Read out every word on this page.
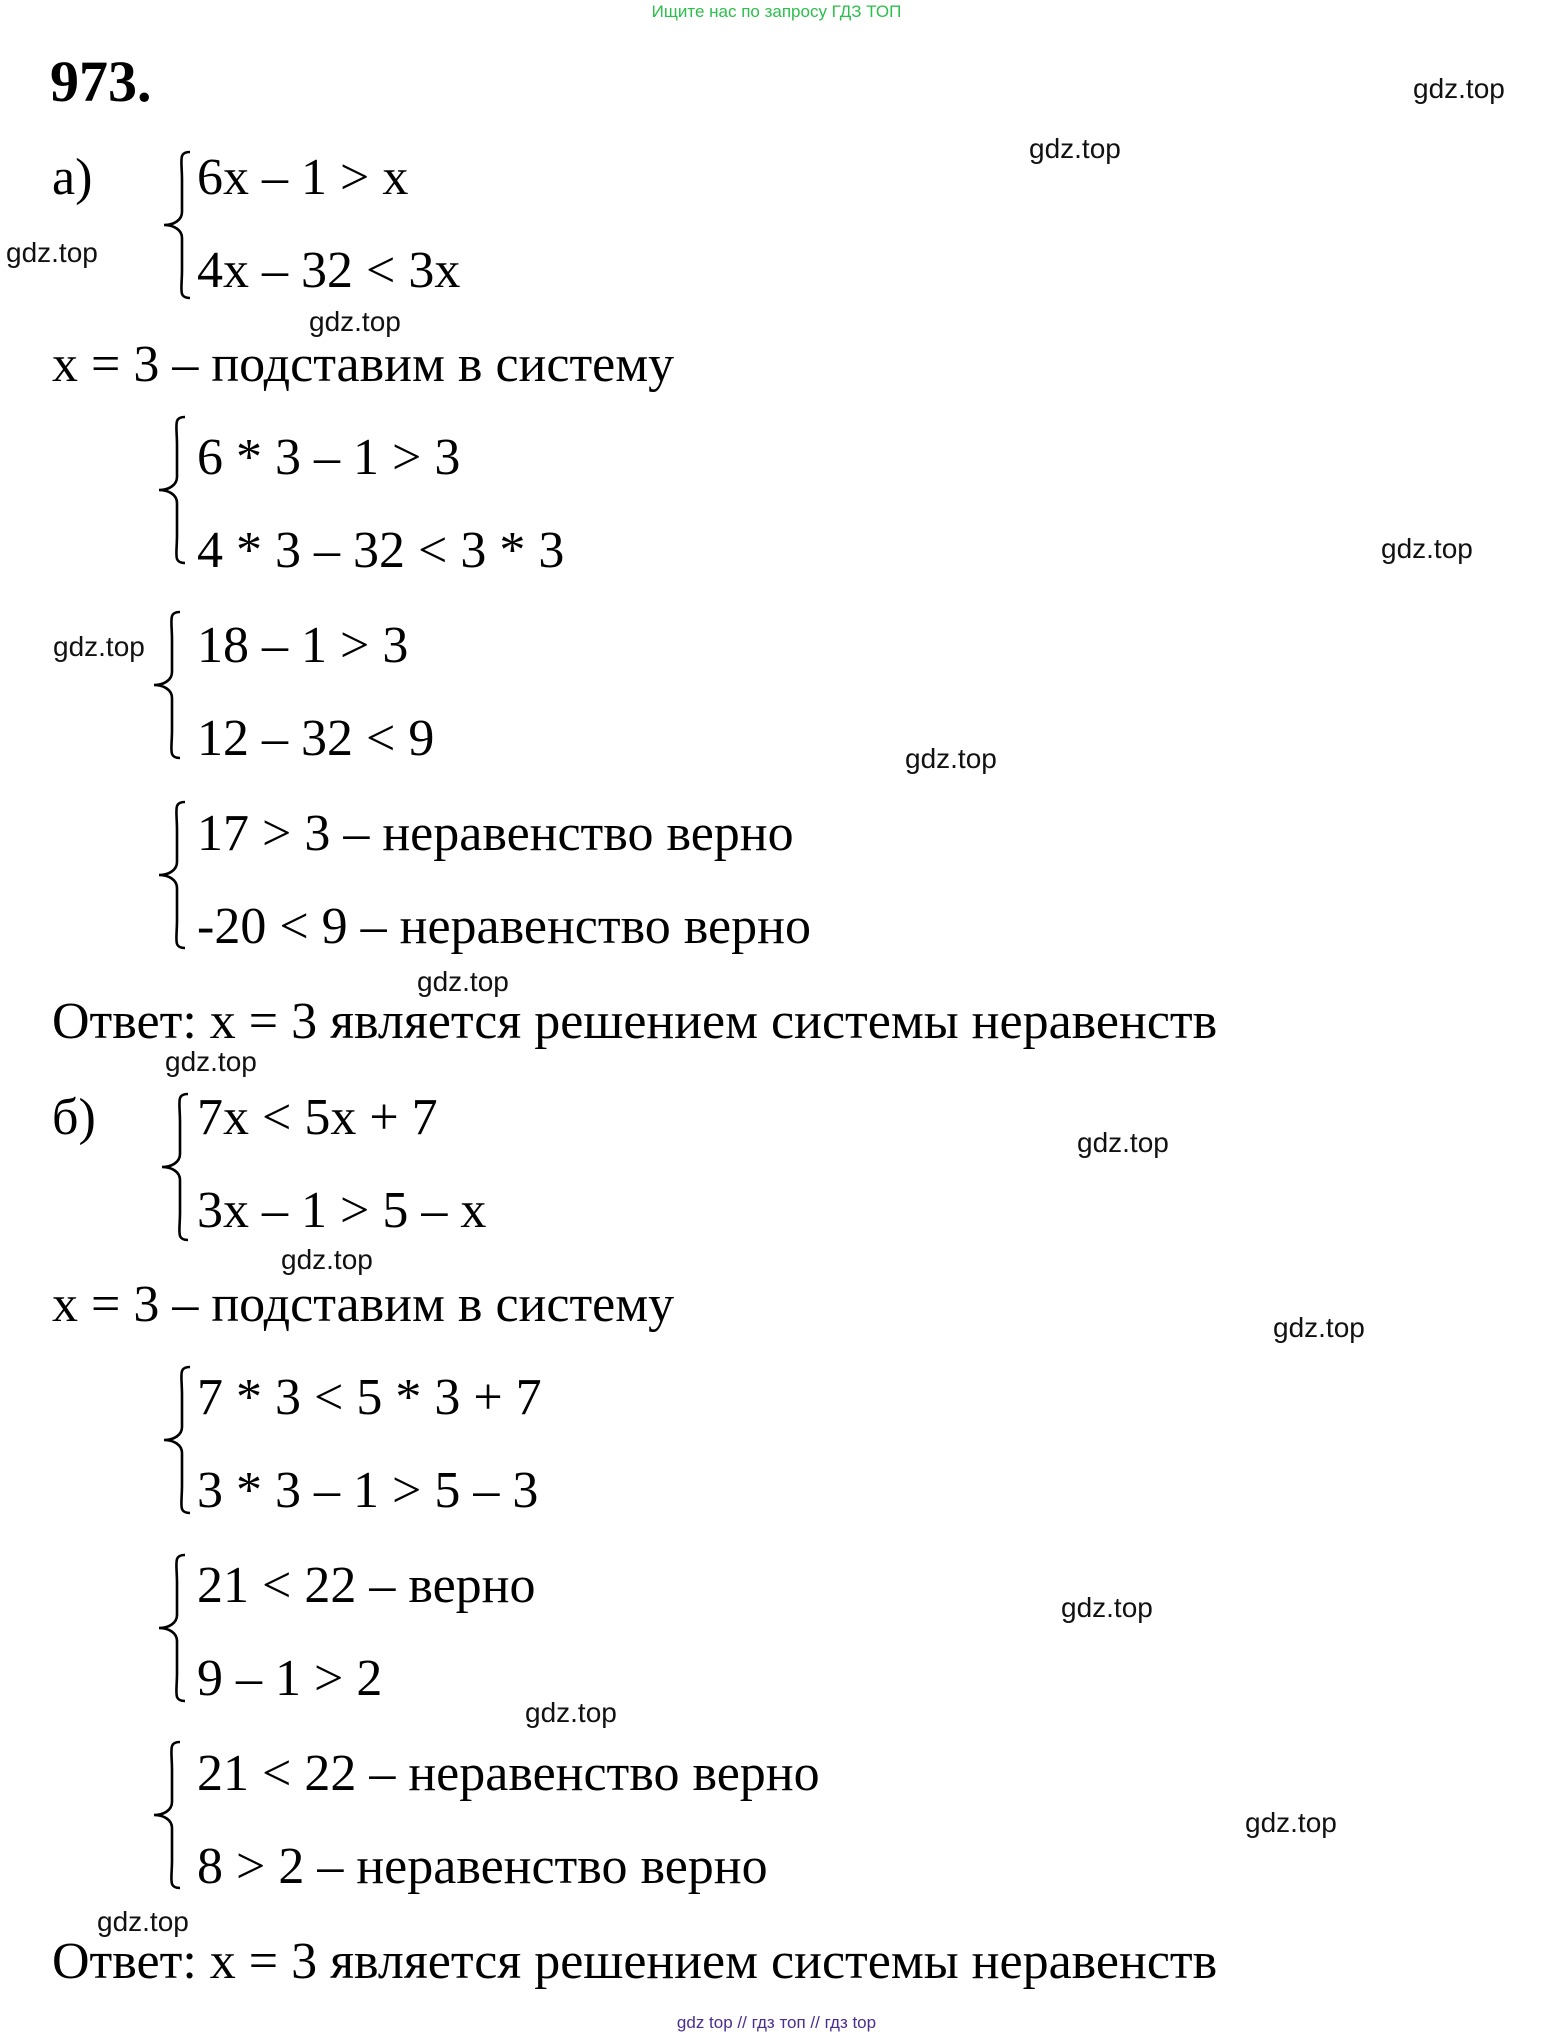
Ищите нас по запросу ГДЗ ТОП
973.
а) 6x – 1 > x
4x – 32 < 3x
x = 3 – подставим в систему
6 * 3 – 1 > 3
4 * 3 – 32 < 3 * 3
18 – 1 > 3
12 – 32 < 9
17 > 3 – неравенство верно
-20 < 9 – неравенство верно
Ответ: x = 3 является решением системы неравенств
б) 7x < 5x + 7
3x – 1 > 5 – x
x = 3 – подставим в систему
7 * 3 < 5 * 3 + 7
3 * 3 – 1 > 5 – 3
21 < 22 – верно
9 – 1 > 2
21 < 22 – неравенство верно
8 > 2 – неравенство верно
Ответ: x = 3 является решением системы неравенств
gdz.top
gdz.top
gdz.top
gdz.top
gdz.top
gdz.top
gdz.top
gdz.top
gdz.top
gdz.top
gdz.top
gdz.top
gdz.top
gdz.top
gdz.top
gdz.top
gdz top // гдз топ // гдз top
